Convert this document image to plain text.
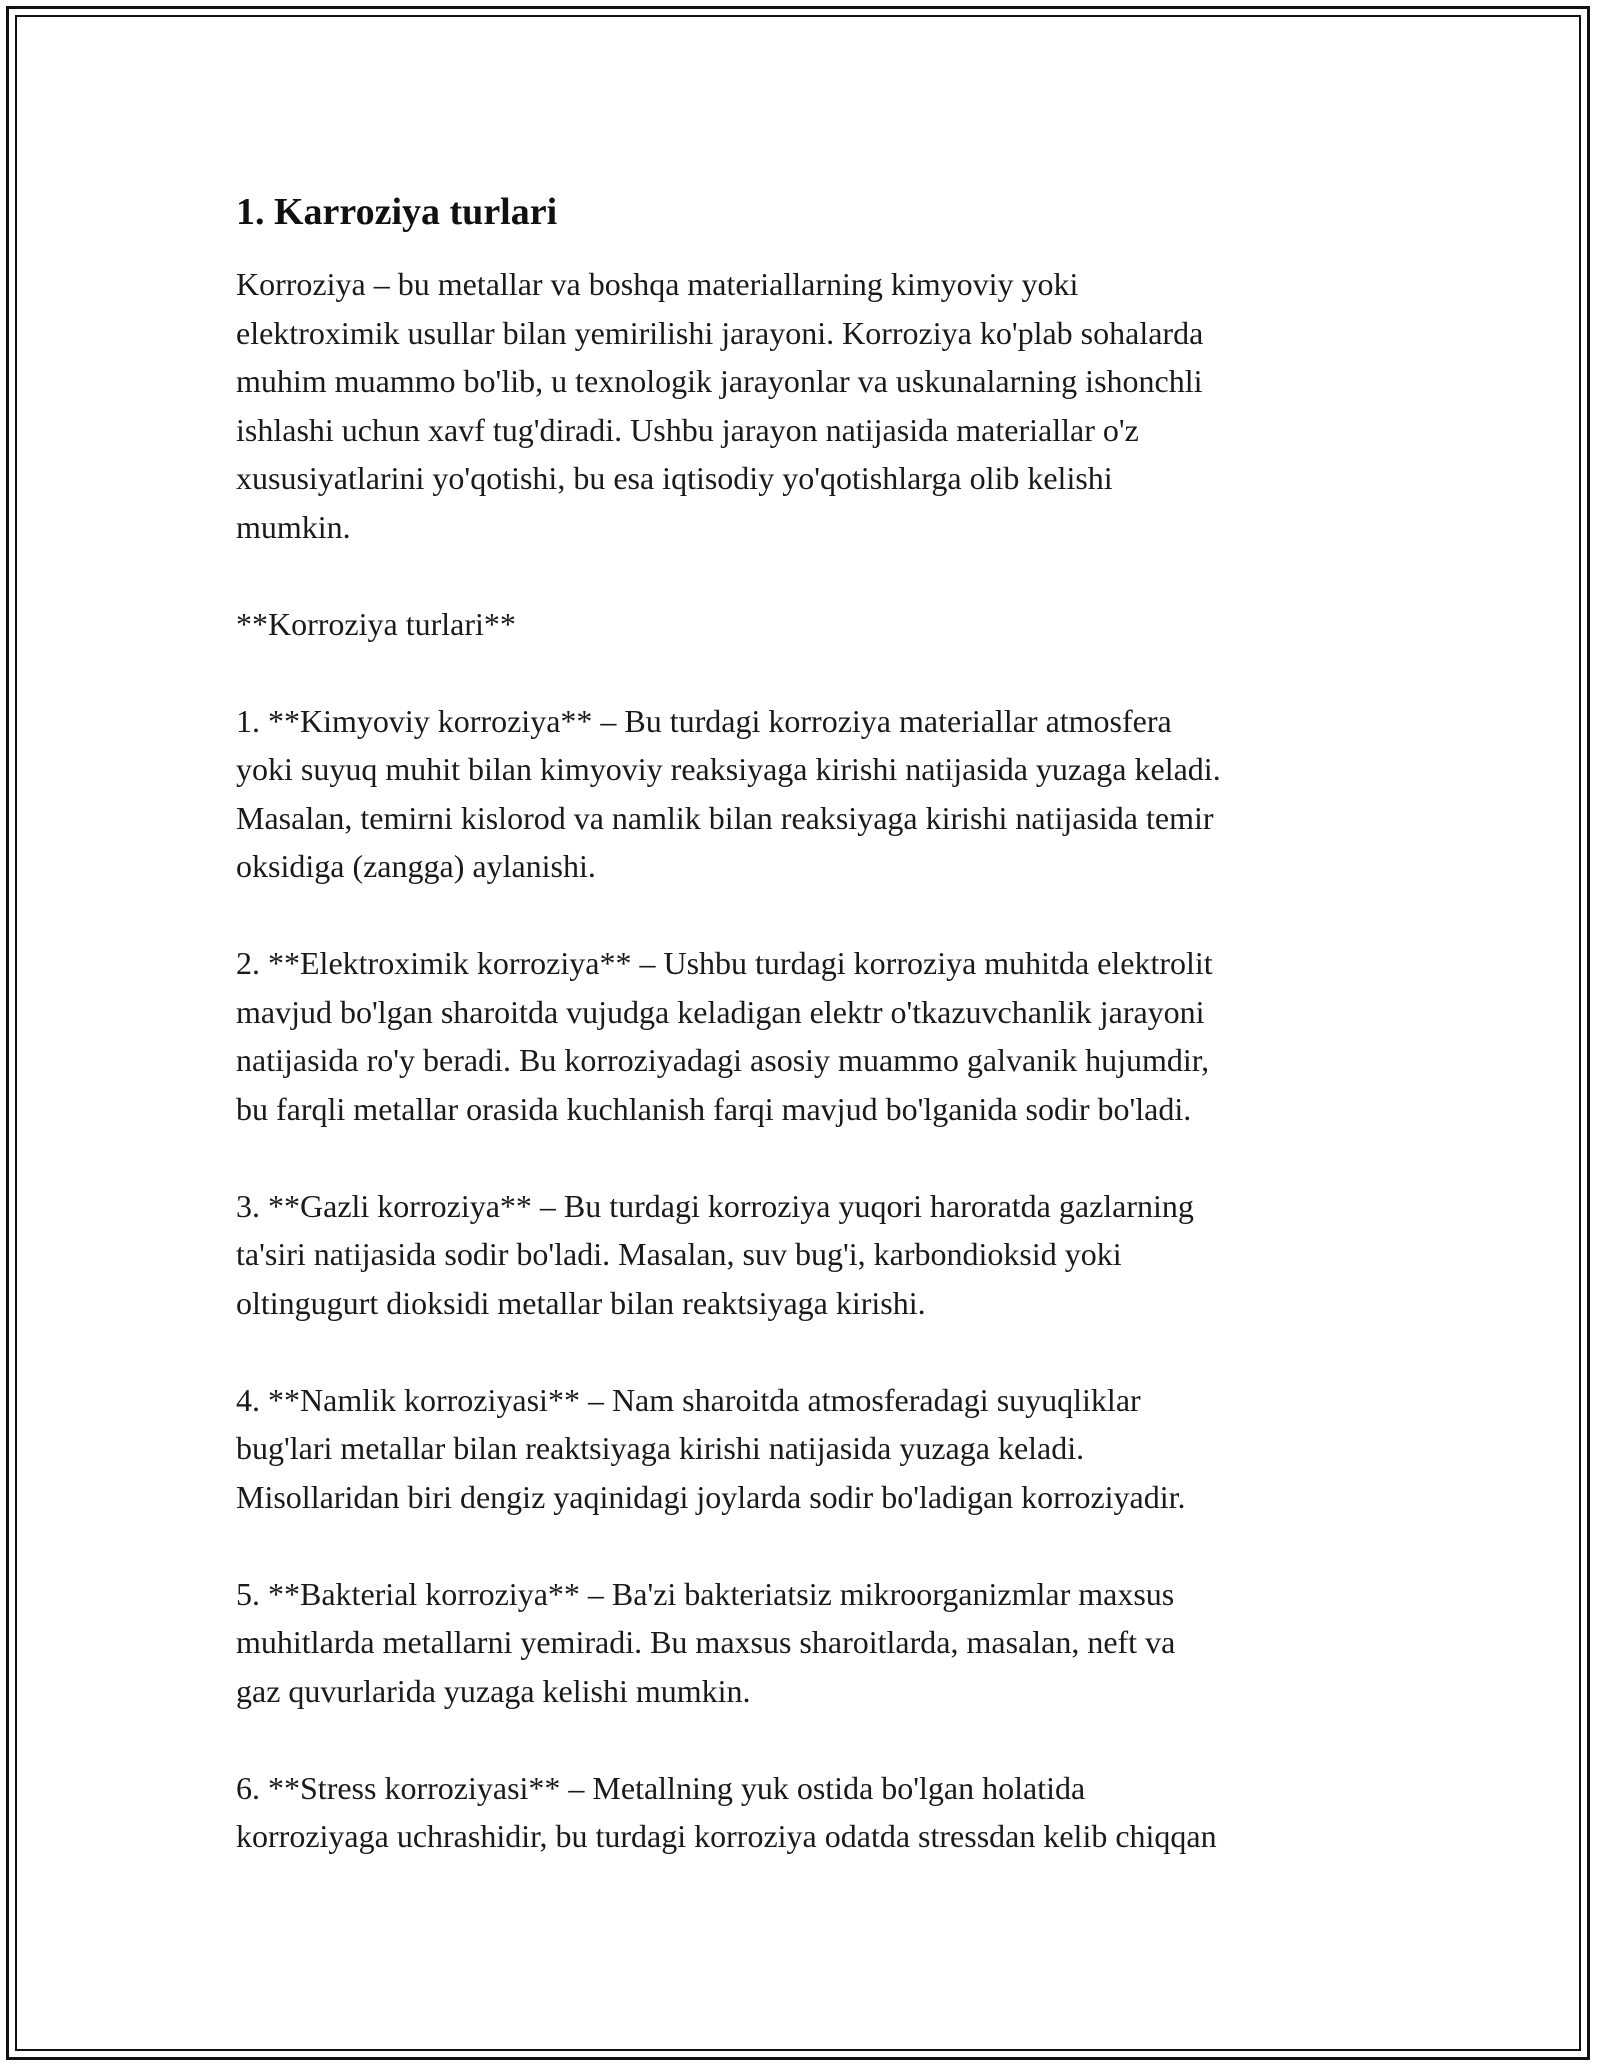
1. Karroziya turlari

Korroziya – bu metallar va boshqa materiallarning kimyoviy yoki
elektroximik usullar bilan yemirilishi jarayoni. Korroziya ko'plab sohalarda
muhim muammo bo'lib, u texnologik jarayonlar va uskunalarning ishonchli
ishlashi uchun xavf tug'diradi. Ushbu jarayon natijasida materiallar o'z
xususiyatlarini yo'qotishi, bu esa iqtisodiy yo'qotishlarga olib kelishi
mumkin.

**Korroziya turlari**

1. **Kimyoviy korroziya** – Bu turdagi korroziya materiallar atmosfera
yoki suyuq muhit bilan kimyoviy reaksiyaga kirishi natijasida yuzaga keladi.
Masalan, temirni kislorod va namlik bilan reaksiyaga kirishi natijasida temir
oksidiga (zangga) aylanishi.

2. **Elektroximik korroziya** – Ushbu turdagi korroziya muhitda elektrolit
mavjud bo'lgan sharoitda vujudga keladigan elektr o'tkazuvchanlik jarayoni
natijasida ro'y beradi. Bu korroziyadagi asosiy muammo galvanik hujumdir,
bu farqli metallar orasida kuchlanish farqi mavjud bo'lganida sodir bo'ladi.

3. **Gazli korroziya** – Bu turdagi korroziya yuqori haroratda gazlarning
ta'siri natijasida sodir bo'ladi. Masalan, suv bug'i, karbondioksid yoki
oltingugurt dioksidi metallar bilan reaktsiyaga kirishi.

4. **Namlik korroziyasi** – Nam sharoitda atmosferadagi suyuqliklar
bug'lari metallar bilan reaktsiyaga kirishi natijasida yuzaga keladi.
Misollaridan biri dengiz yaqinidagi joylarda sodir bo'ladigan korroziyadir.

5. **Bakterial korroziya** – Ba'zi bakteriatsiz mikroorganizmlar maxsus
muhitlarda metallarni yemiradi. Bu maxsus sharoitlarda, masalan, neft va
gaz quvurlarida yuzaga kelishi mumkin.

6. **Stress korroziyasi** – Metallning yuk ostida bo'lgan holatida
korroziyaga uchrashidir, bu turdagi korroziya odatda stressdan kelib chiqqan
